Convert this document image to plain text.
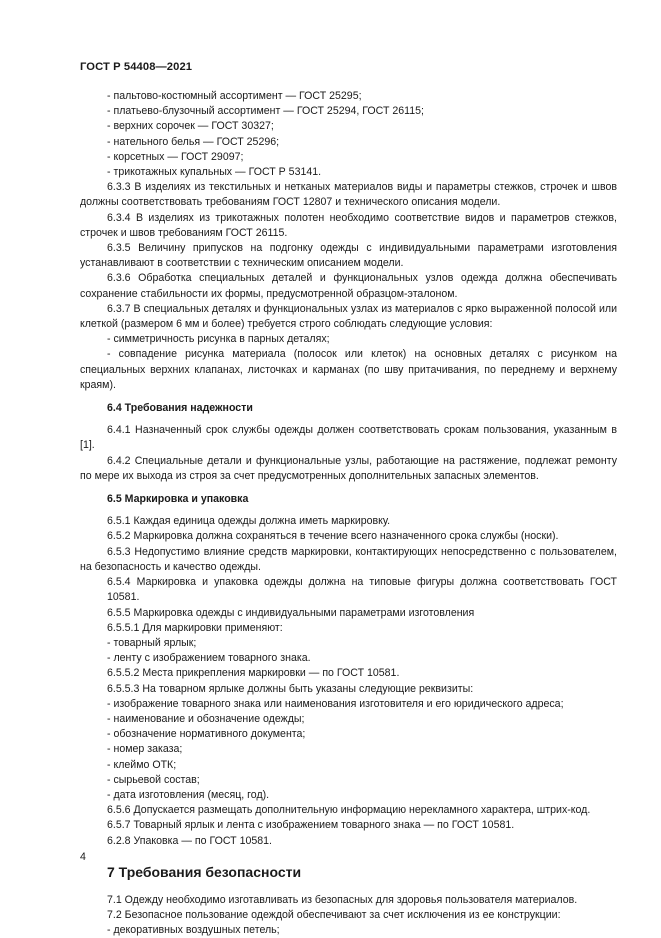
ГОСТ Р 54408—2021
- пальтово-костюмный ассортимент — ГОСТ 25295;
- платьево-блузочный ассортимент — ГОСТ 25294, ГОСТ 26115;
- верхних сорочек — ГОСТ 30327;
- нательного белья — ГОСТ 25296;
- корсетных — ГОСТ 29097;
- трикотажных купальных — ГОСТ Р 53141.
6.3.3 В изделиях из текстильных и нетканых материалов виды и параметры стежков, строчек и швов должны соответствовать требованиям ГОСТ 12807 и технического описания модели.
6.3.4 В изделиях из трикотажных полотен необходимо соответствие видов и параметров стежков, строчек и швов требованиям ГОСТ 26115.
6.3.5 Величину припусков на подгонку одежды с индивидуальными параметрами изготовления устанавливают в соответствии с техническим описанием модели.
6.3.6 Обработка специальных деталей и функциональных узлов одежда должна обеспечивать сохранение стабильности их формы, предусмотренной образцом-эталоном.
6.3.7 В специальных деталях и функциональных узлах из материалов с ярко выраженной полосой или клеткой (размером 6 мм и более) требуется строго соблюдать следующие условия:
- симметричность рисунка в парных деталях;
- совпадение рисунка материала (полосок или клеток) на основных деталях с рисунком на специальных верхних клапанах, листочках и карманах (по шву притачивания, по переднему и верхнему краям).
6.4 Требования надежности
6.4.1 Назначенный срок службы одежды должен соответствовать срокам пользования, указанным в [1].
6.4.2 Специальные детали и функциональные узлы, работающие на растяжение, подлежат ремонту по мере их выхода из строя за счет предусмотренных дополнительных запасных элементов.
6.5 Маркировка и упаковка
6.5.1 Каждая единица одежды должна иметь маркировку.
6.5.2 Маркировка должна сохраняться в течение всего назначенного срока службы (носки).
6.5.3 Недопустимо влияние средств маркировки, контактирующих непосредственно с пользователем, на безопасность и качество одежды.
6.5.4 Маркировка и упаковка одежды должна на типовые фигуры должна соответствовать ГОСТ 10581.
6.5.5 Маркировка одежды с индивидуальными параметрами изготовления
6.5.5.1 Для маркировки применяют:
- товарный ярлык;
- ленту с изображением товарного знака.
6.5.5.2 Места прикрепления маркировки — по ГОСТ 10581.
6.5.5.3 На товарном ярлыке должны быть указаны следующие реквизиты:
- изображение товарного знака или наименования изготовителя и его юридического адреса;
- наименование и обозначение одежды;
- обозначение нормативного документа;
- номер заказа;
- клеймо ОТК;
- сырьевой состав;
- дата изготовления (месяц, год).
6.5.6 Допускается размещать дополнительную информацию нерекламного характера, штрих-код.
6.5.7 Товарный ярлык и лента с изображением товарного знака — по ГОСТ 10581.
6.2.8 Упаковка — по ГОСТ 10581.
7 Требования безопасности
7.1 Одежду необходимо изготавливать из безопасных для здоровья пользователя материалов.
7.2 Безопасное пользование одеждой обеспечивают за счет исключения из ее конструкции:
- декоративных воздушных петель;
4
